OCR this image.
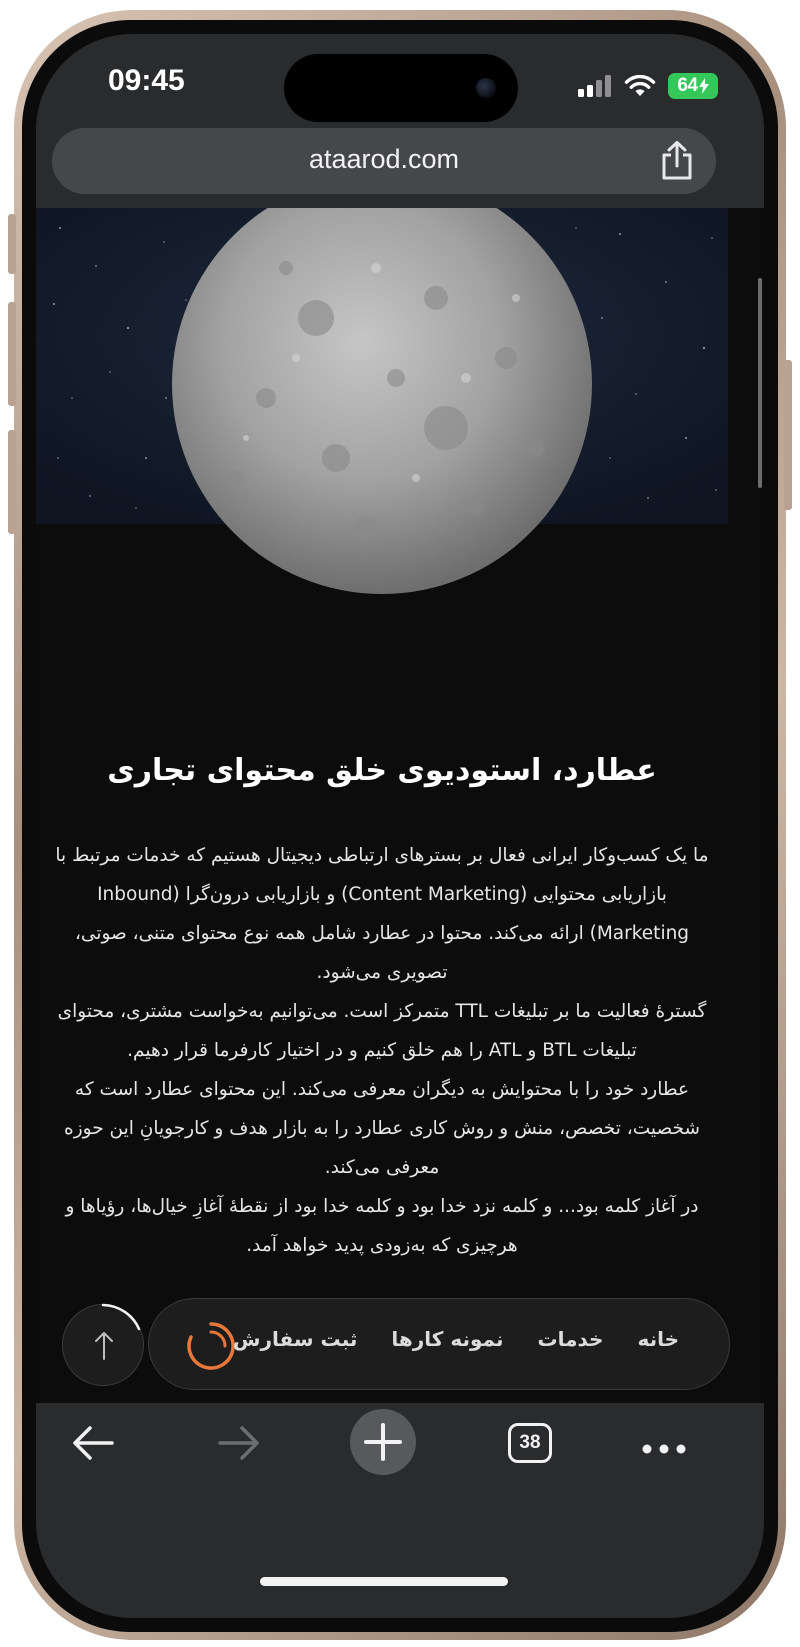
09:45	64
ataarod.com
عطارد، استودیوی خلق محتوای تجاری

ما یک کسب‌وکار ایرانی فعال بر بسترهای ارتباطی دیجیتال هستیم که خدمات مرتبط با بازاریابی محتوایی (Content Marketing) و بازاریابی درون‌گرا (Inbound Marketing) ارائه می‌کند. محتوا در عطارد شامل همه نوع محتوای متنی، صوتی، تصویری می‌شود.

گسترهٔ فعالیت ما بر تبلیغات TTL متمرکز است. می‌توانیم به‌خواست مشتری، محتوای تبلیغات BTL و ATL را هم خلق کنیم و در اختیار کارفرما قرار دهیم.

عطارد خود را با محتوایش به دیگران معرفی می‌کند. این محتوای عطارد است که شخصیت، تخصص، منش و روش کاری عطارد را به بازار هدف و کارجویانِ این حوزه معرفی می‌کند.

در آغاز کلمه بود... و کلمه نزد خدا بود و کلمه خدا بود از نقطهٔ آغازِ خیال‌ها، رؤیاها و هرچیزی که به‌زودی پدید خواهد آمد.

خانه
خدمات
نمونه کارها
ثبت سفارش
38
